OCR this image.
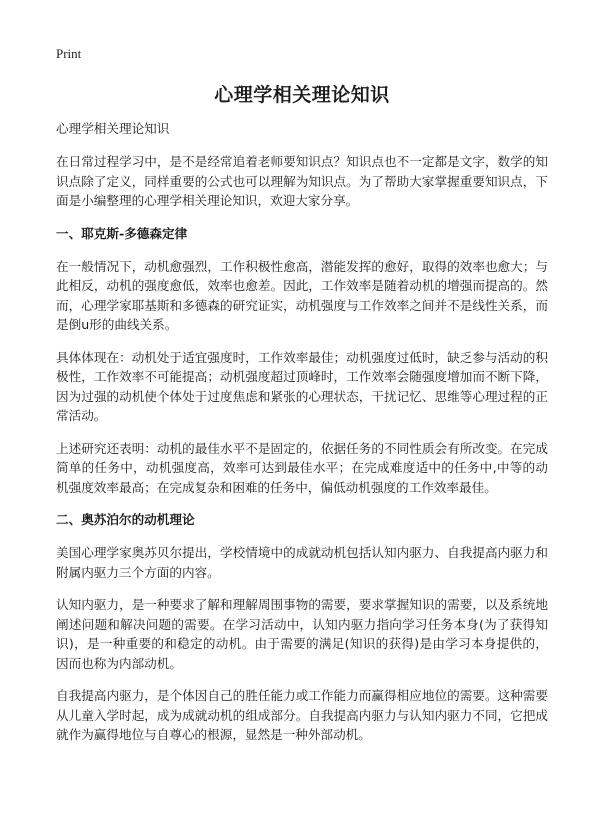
Print
心理学相关理论知识
心理学相关理论知识

在日常过程学习中，是不是经常追着老师要知识点？知识点也不一定都是文字，数学的知识点除了定义，同样重要的公式也可以理解为知识点。为了帮助大家掌握重要知识点，下面是小编整理的心理学相关理论知识，欢迎大家分享。

一、耶克斯-多德森定律

在一般情况下，动机愈强烈，工作积极性愈高，潜能发挥的愈好，取得的效率也愈大；与此相反，动机的强度愈低，效率也愈差。因此，工作效率是随着动机的增强而提高的。然而，心理学家耶基斯和多德森的研究证实，动机强度与工作效率之间并不是线性关系，而是倒u形的曲线关系。

具体体现在：动机处于适宜强度时，工作效率最佳；动机强度过低时，缺乏参与活动的积极性，工作效率不可能提高；动机强度超过顶峰时，工作效率会随强度增加而不断下降，因为过强的动机使个体处于过度焦虑和紧张的心理状态，干扰记忆、思维等心理过程的正常活动。

上述研究还表明：动机的最佳水平不是固定的，依据任务的不同性质会有所改变。在完成简单的任务中，动机强度高，效率可达到最佳水平；在完成难度适中的任务中,中等的动机强度效率最高；在完成复杂和困难的任务中，偏低动机强度的工作效率最佳。

二、奥苏泊尔的动机理论

美国心理学家奥苏贝尔提出，学校情境中的成就动机包括认知内驱力、自我提高内驱力和附属内驱力三个方面的内容。

认知内驱力，是一种要求了解和理解周围事物的需要，要求掌握知识的需要，以及系统地阐述问题和解决问题的需要。在学习活动中，认知内驱力指向学习任务本身(为了获得知识)，是一种重要的和稳定的动机。由于需要的满足(知识的获得)是由学习本身提供的，因而也称为内部动机。

自我提高内驱力，是个体因自己的胜任能力或工作能力而赢得相应地位的需要。这种需要从儿童入学时起，成为成就动机的组成部分。自我提高内驱力与认知内驱力不同，它把成就作为赢得地位与自尊心的根源，显然是一种外部动机。
